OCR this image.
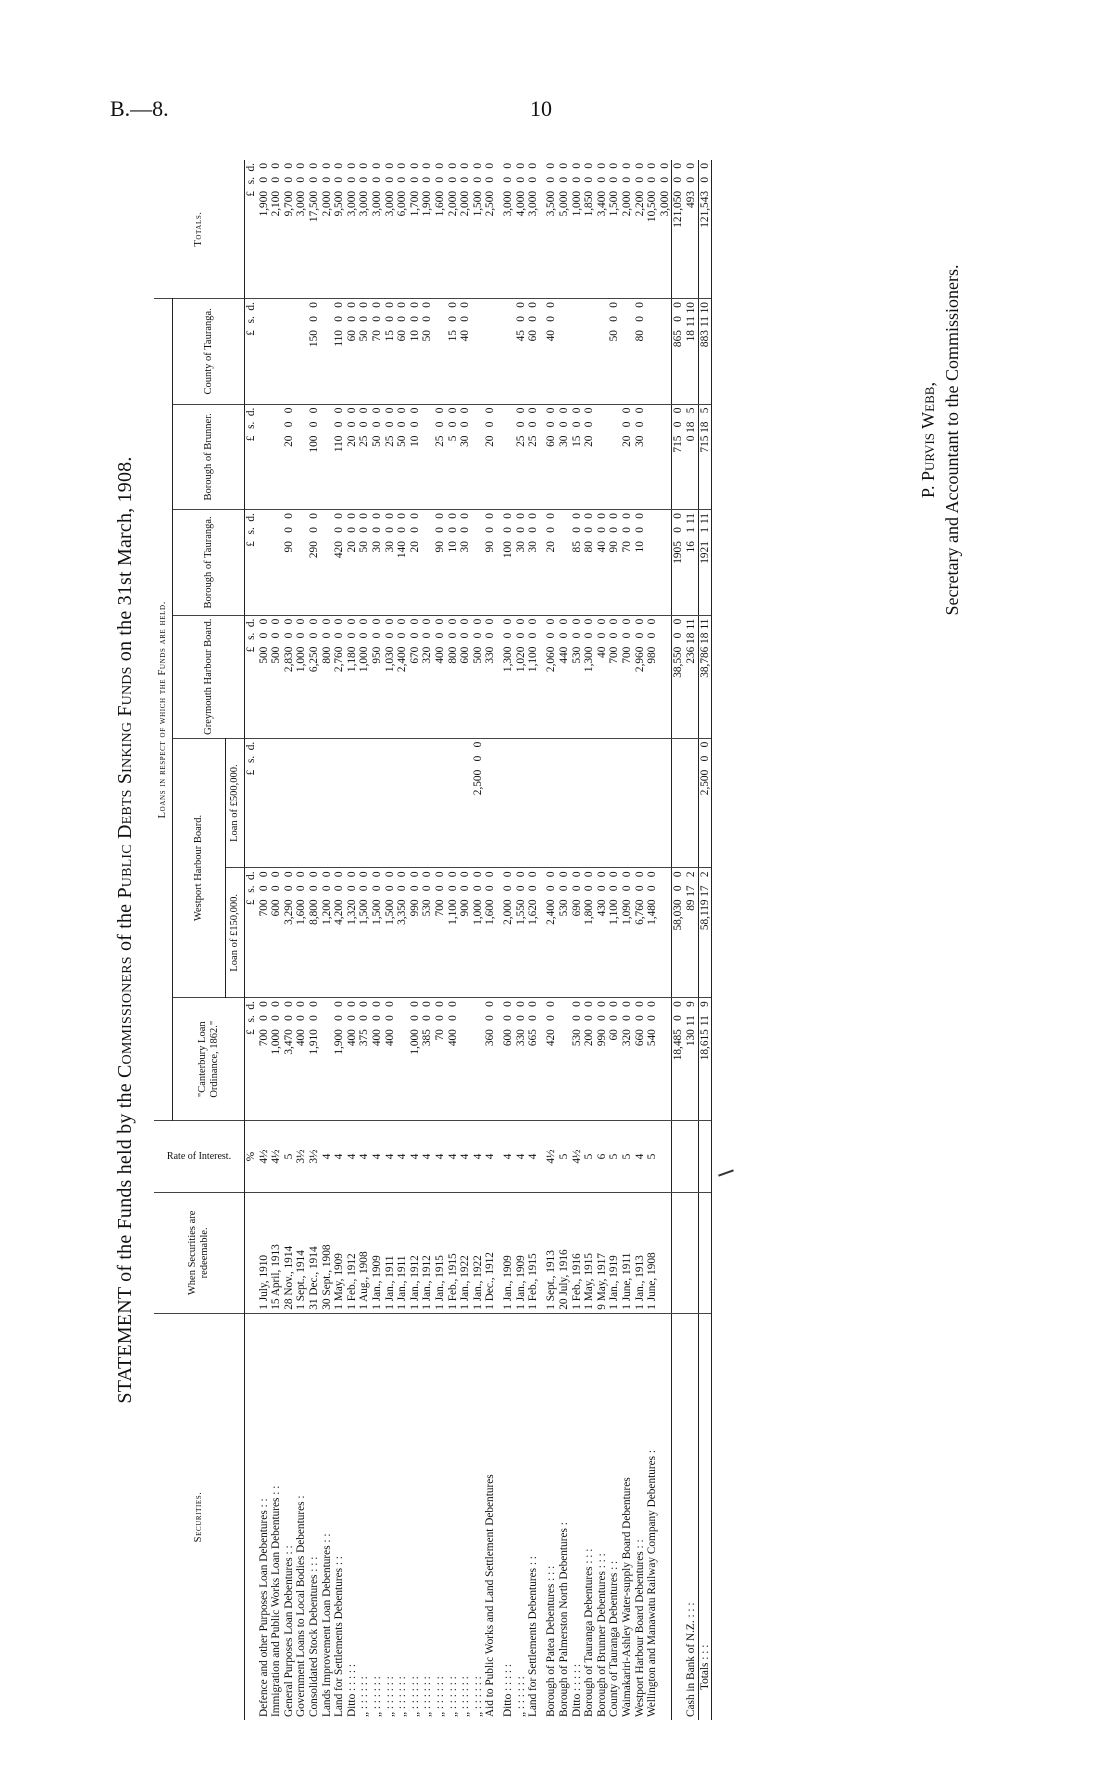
B.—8.	10
STATEMENT of the Funds held by the Commissioners of the Public Debts Sinking Funds on the 31st March, 1908.
Securities.	When Securities are redeemable.	Rate of Interest.	Loans in respect of which the Funds are held.							Totals.
			"Canterbury Loan Ordinance, 1862."	Westport Harbour Board.		Greymouth Harbour Board.	Borough of Tauranga.	Borough of Brunner.	County of Tauranga.	
				Loan of £150,000.	Loan of £500,000.					
		%	£s.d.	£s.d.	£s.d.	£s.d.	£s.d.	£s.d.	£s.d.	£s.d.
Defence and other Purposes Loan Debentures : :	1 July, 1910	4½	70000	70000		50000				1,90000
Immigration and Public Works Loan Debentures : :	15 April, 1913	4½	1,00000	60000		50000				2,10000
General Purposes Loan Debentures : :	28 Nov., 1914	5	3,47000	3,29000		2,83000	9000	2000		9,70000
Government Loans to Local Bodies Debentures :	1 Sept., 1914	3½	40000	1,60000		1,00000				3,00000
Consolidated Stock Debentures : : :	31 Dec., 1914	3½	1,91000	8,80000		6,25000	29000	10000	15000	17,50000
Lands Improvement Loan Debentures : :	30 Sept., 1908	4		1,20000		80000				2,00000
Land for Settlements Debentures : :	1 May, 1909	4	1,90000	4,20000		2,76000	42000	11000	11000	9,50000
Ditto : : : : :	1 Feb., 1912	4	40000	1,32000		1,18000	2000	2000	6000	3,00000
„ : : : : : :	1 Aug., 1908	4	37500	1,50000		1,00000	5000	2500	5000	3,00000
„ : : : : : :	1 Jan., 1909	4	40000	1,50000		95000	3000	5000	7000	3,00000
„ : : : : : :	1 Jan., 1911	4	40000	1,50000		1,03000	3000	2500	1500	3,00000
„ : : : : : :	1 Jan., 1911	4		3,35000		2,40000	14000	5000	6000	6,00000
„ : : : : : :	1 Jan., 1912	4	1,00000	99000		67000	2000	1000	1000	1,70000
„ : : : : : :	1 Jan., 1912	4	38500	53000		32000			5000	1,90000
„ : : : : : :	1 Jan., 1915	4	7000	70000		40000	9000	2500		1,60000
„ : : : : : :	1 Feb., 1915	4	40000	1,10000		80000	1000	500	1500	2,00000
„ : : : : : :	1 Jan., 1922	4		90000		60000	3000	3000	4000	2,00000
„ : : : : : :	1 Jan., 1922	4		1,00000	2,50000	50000				1,50000
Aid to Public Works and Land Settlement Debentures	1 Dec., 1912	4	36000	1,60000		33000	9000	2000		2,50000
Ditto : : : : :	1 Jan., 1909	4	60000	2,00000		1,30000	10000			3,00000
„ : : : : : :	1 Jan., 1909	4	33000	1,55000		1,02000	3000	2500	4500	4,00000
Land for Settlements Debentures : :	1 Feb., 1915	4	66500	1,62000		1,10000	3000	2500	6000	3,00000
Borough of Patea Debentures : : :	1 Sept., 1913	4½	42000	2,40000		2,06000	2000	6000	4000	3,50000
Borough of Palmerston North Debentures :	20 July, 1916	5		53000		44000		3000		5,00000
Ditto : : : : :	1 Feb., 1916	4½	53000	69000		53000	8500	1500		1,00000
Borough of Tauranga Debentures : : :	1 May, 1915	5	20000	1,80000		1,30000	8000	2000		1,85000
Borough of Brunner Debentures : : :	9 May, 1917	6	99000	43000		4000	4000			3,40000
County of Tauranga Debentures : :	1 Jan., 1919	5	6000	1,10000		70000	9000		5000	1,50000
Waimakariri-Ashley Water-supply Board Debentures	1 June, 1911	5	32000	1,09000		70000	7000	2000		2,00000
Westport Harbour Board Debentures : :	1 Jan., 1913	4	66000	6,76000		2,96000	1000	3000	8000	2,20000
Wellington and Manawatu Railway Company Debentures :	1 June, 1908	5	54000	1,48000		98000				10,50000
										3,00000
			18,48500	58,03000		38,55000	190500	71500	86500	121,05000
Cash in Bank of N.Z. : : :			130119	89172		2361811	16111	0185	181110	49300
Totals : : :			18,615119	58,119172	2,50000	38,7861811	1921111	715185	8831110	121,54300
P. Purvis Webb, Secretary and Accountant to the Commissioners.
